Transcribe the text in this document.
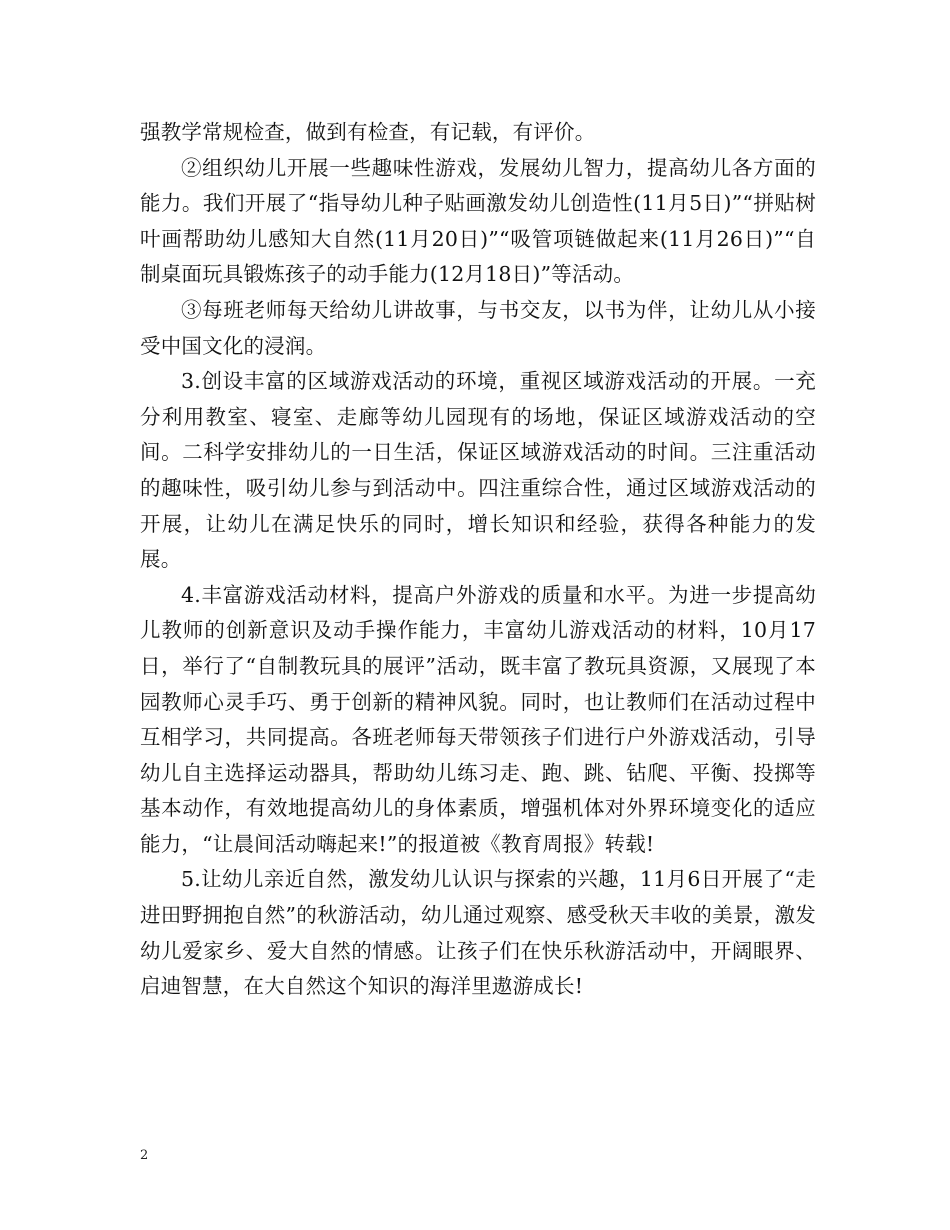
强教学常规检查，做到有检查，有记载，有评价。

②组织幼儿开展一些趣味性游戏，发展幼儿智力，提高幼儿各方面的能力。我们开展了“指导幼儿种子贴画激发幼儿创造性(11月5日)”“拼贴树叶画帮助幼儿感知大自然(11月20日)”“吸管项链做起来(11月26日)”“自制桌面玩具锻炼孩子的动手能力(12月18日)”等活动。

③每班老师每天给幼儿讲故事，与书交友，以书为伴，让幼儿从小接受中国文化的浸润。

3.创设丰富的区域游戏活动的环境，重视区域游戏活动的开展。一充分利用教室、寝室、走廊等幼儿园现有的场地，保证区域游戏活动的空间。二科学安排幼儿的一日生活，保证区域游戏活动的时间。三注重活动的趣味性，吸引幼儿参与到活动中。四注重综合性，通过区域游戏活动的开展，让幼儿在满足快乐的同时，增长知识和经验，获得各种能力的发展。

4.丰富游戏活动材料，提高户外游戏的质量和水平。为进一步提高幼儿教师的创新意识及动手操作能力，丰富幼儿游戏活动的材料，10月17日，举行了“自制教玩具的展评”活动，既丰富了教玩具资源，又展现了本园教师心灵手巧、勇于创新的精神风貌。同时，也让教师们在活动过程中互相学习，共同提高。各班老师每天带领孩子们进行户外游戏活动，引导幼儿自主选择运动器具，帮助幼儿练习走、跑、跳、钻爬、平衡、投掷等基本动作，有效地提高幼儿的身体素质，增强机体对外界环境变化的适应能力，“让晨间活动嗨起来!”的报道被《教育周报》转载!

5.让幼儿亲近自然，激发幼儿认识与探索的兴趣，11月6日开展了“走进田野拥抱自然”的秋游活动，幼儿通过观察、感受秋天丰收的美景，激发幼儿爱家乡、爱大自然的情感。让孩子们在快乐秋游活动中，开阔眼界、启迪智慧，在大自然这个知识的海洋里遨游成长!

2
